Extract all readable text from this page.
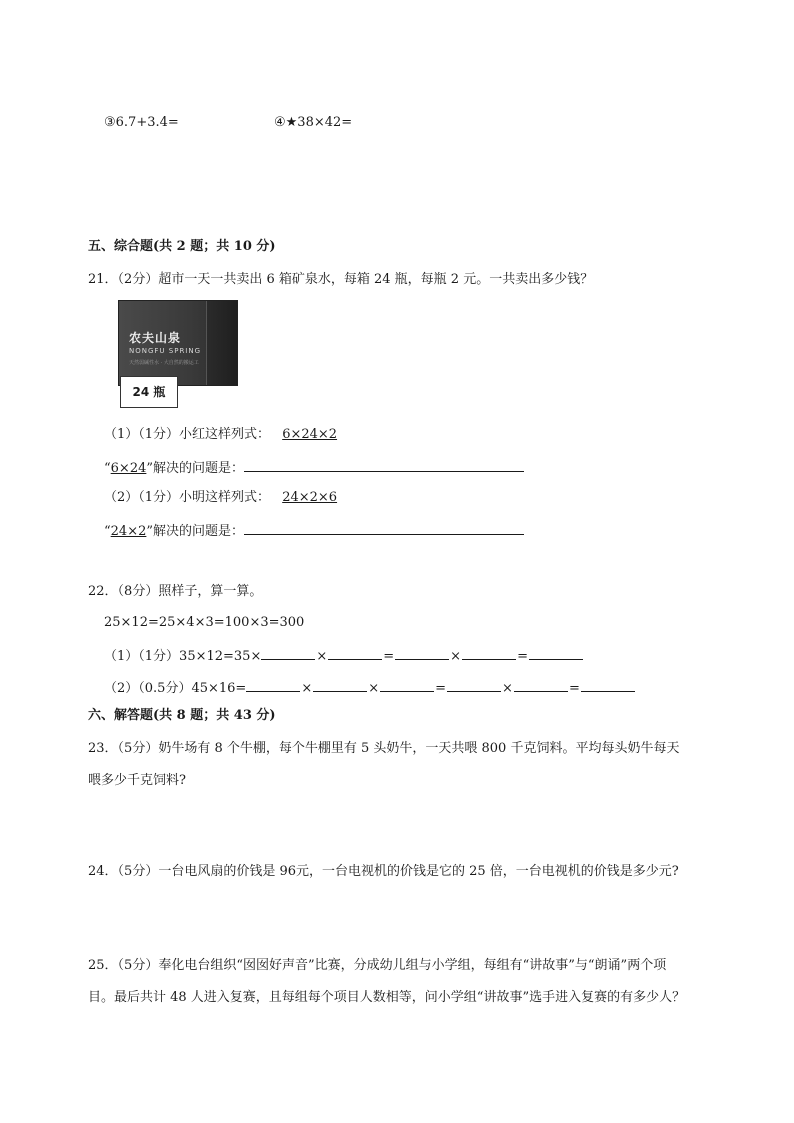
③6.7+3.4=	④★38×42=
五、综合题(共 2 题；共 10 分)
21．（2分）超市一天一共卖出 6 箱矿泉水，每箱 24 瓶，每瓶 2 元。一共卖出多少钱？
农夫山泉
NONGFU SPRING
天然弱碱性水 · 大自然的搬运工
24 瓶
（1）（1分）小红这样列式： 6×24×2
“6×24”解决的问题是：
（2）（1分）小明这样列式： 24×2×6
“24×2”解决的问题是：
22．（8分）照样子，算一算。
25×12=25×4×3=100×3=300
（1）（1分）35×12=35×	×	=	×	=
（2）（0.5分）45×16=	×	×	=	×	=
六、解答题(共 8 题；共 43 分)
23．（5分）奶牛场有 8 个牛棚，每个牛棚里有 5 头奶牛，一天共喂 800 千克饲料。平均每头奶牛每天
喂多少千克饲料?
24．（5分）一台电风扇的价钱是 96元，一台电视机的价钱是它的 25 倍，一台电视机的价钱是多少元?
25．（5分）奉化电台组织“囡囡好声音”比赛，分成幼儿组与小学组，每组有“讲故事”与“朗诵”两个项
目。最后共计 48 人进入复赛，且每组每个项目人数相等，问小学组“讲故事”选手进入复赛的有多少人？
